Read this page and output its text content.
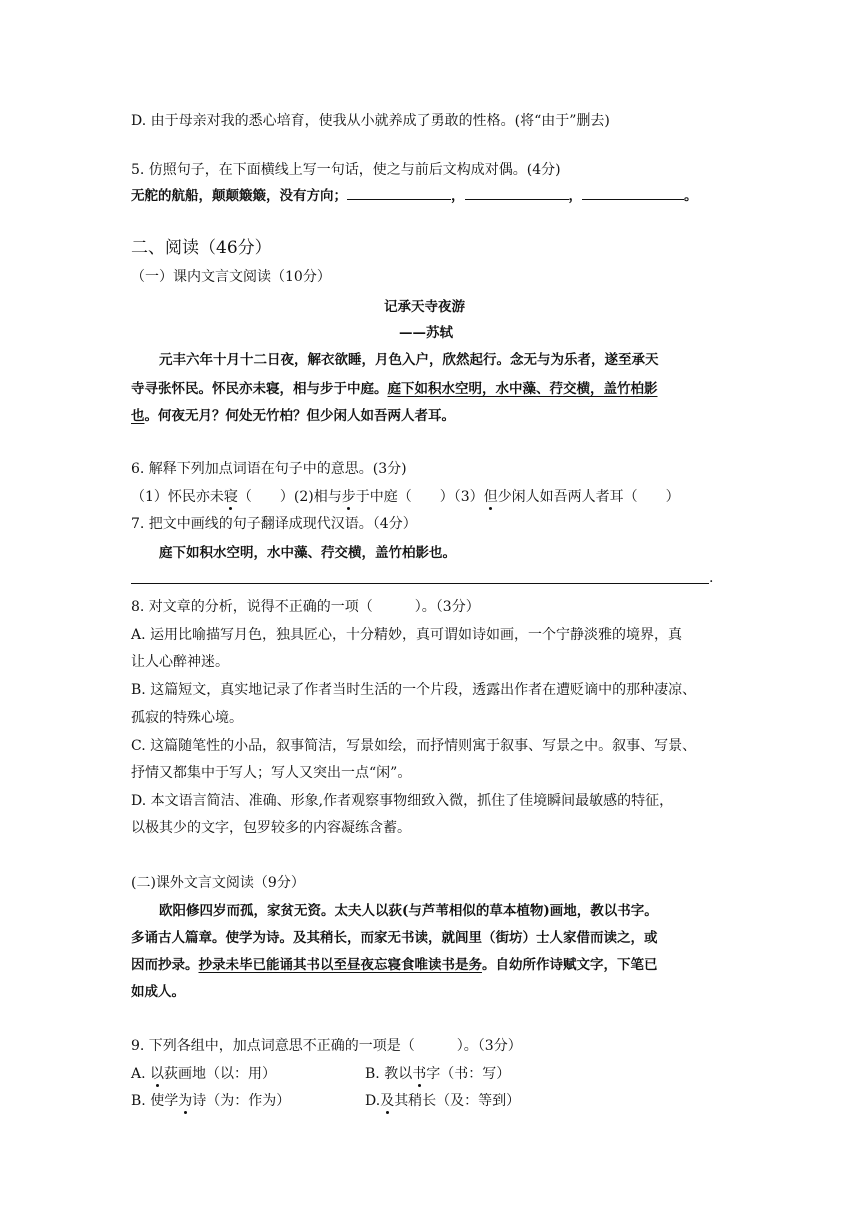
D. 由于母亲对我的悉心培育，使我从小就养成了勇敢的性格。(将“由于”删去)
5. 仿照句子，在下面横线上写一句话，使之与前后文构成对偶。(4分)
无舵的航船，颠颠簸簸，没有方向；	，	，	。
二、阅读（46分）
（一）课内文言文阅读（10分）
记承天寺夜游
——苏轼
元丰六年十月十二日夜，解衣欲睡，月色入户，欣然起行。念无与为乐者，遂至承天
寺寻张怀民。怀民亦未寝，相与步于中庭。庭下如积水空明，水中藻、荇交横，盖竹柏影
也。何夜无月？何处无竹柏？但少闲人如吾两人者耳。
6. 解释下列加点词语在句子中的意思。(3分)
（1）怀民亦未寝（　　）(2)相与步于中庭（　　）（3）但少闲人如吾两人者耳（　　）
7. 把文中画线的句子翻译成现代汉语。（4分）
庭下如积水空明，水中藻、荇交横，盖竹柏影也。
.
8. 对文章的分析，说得不正确的一项（　　　）。（3分）
A. 运用比喻描写月色，独具匠心，十分精妙，真可谓如诗如画，一个宁静淡雅的境界，真
让人心醉神迷。
B. 这篇短文，真实地记录了作者当时生活的一个片段，透露出作者在遭贬谪中的那种凄凉、
孤寂的特殊心境。
C. 这篇随笔性的小品，叙事简洁，写景如绘，而抒情则寓于叙事、写景之中。叙事、写景、
抒情又都集中于写人；写人又突出一点“闲”。
D. 本文语言简洁、准确、形象,作者观察事物细致入微，抓住了佳境瞬间最敏感的特征，
以极其少的文字，包罗较多的内容凝练含蓄。
(二)课外文言文阅读（9分）
欧阳修四岁而孤，家贫无资。太夫人以荻(与芦苇相似的草本植物)画地，教以书字。
多诵古人篇章。使学为诗。及其稍长，而家无书读，就闾里（街坊）士人家借而读之，或
因而抄录。抄录未毕已能诵其书以至昼夜忘寝食唯读书是务。自幼所作诗赋文字，下笔已
如成人。
9. 下列各组中，加点词意思不正确的一项是（　　　）。（3分）
A. 以荻画地（以：用）	B. 教以书字（书：写）
B. 使学为诗（为：作为）	D.及其稍长（及：等到）
